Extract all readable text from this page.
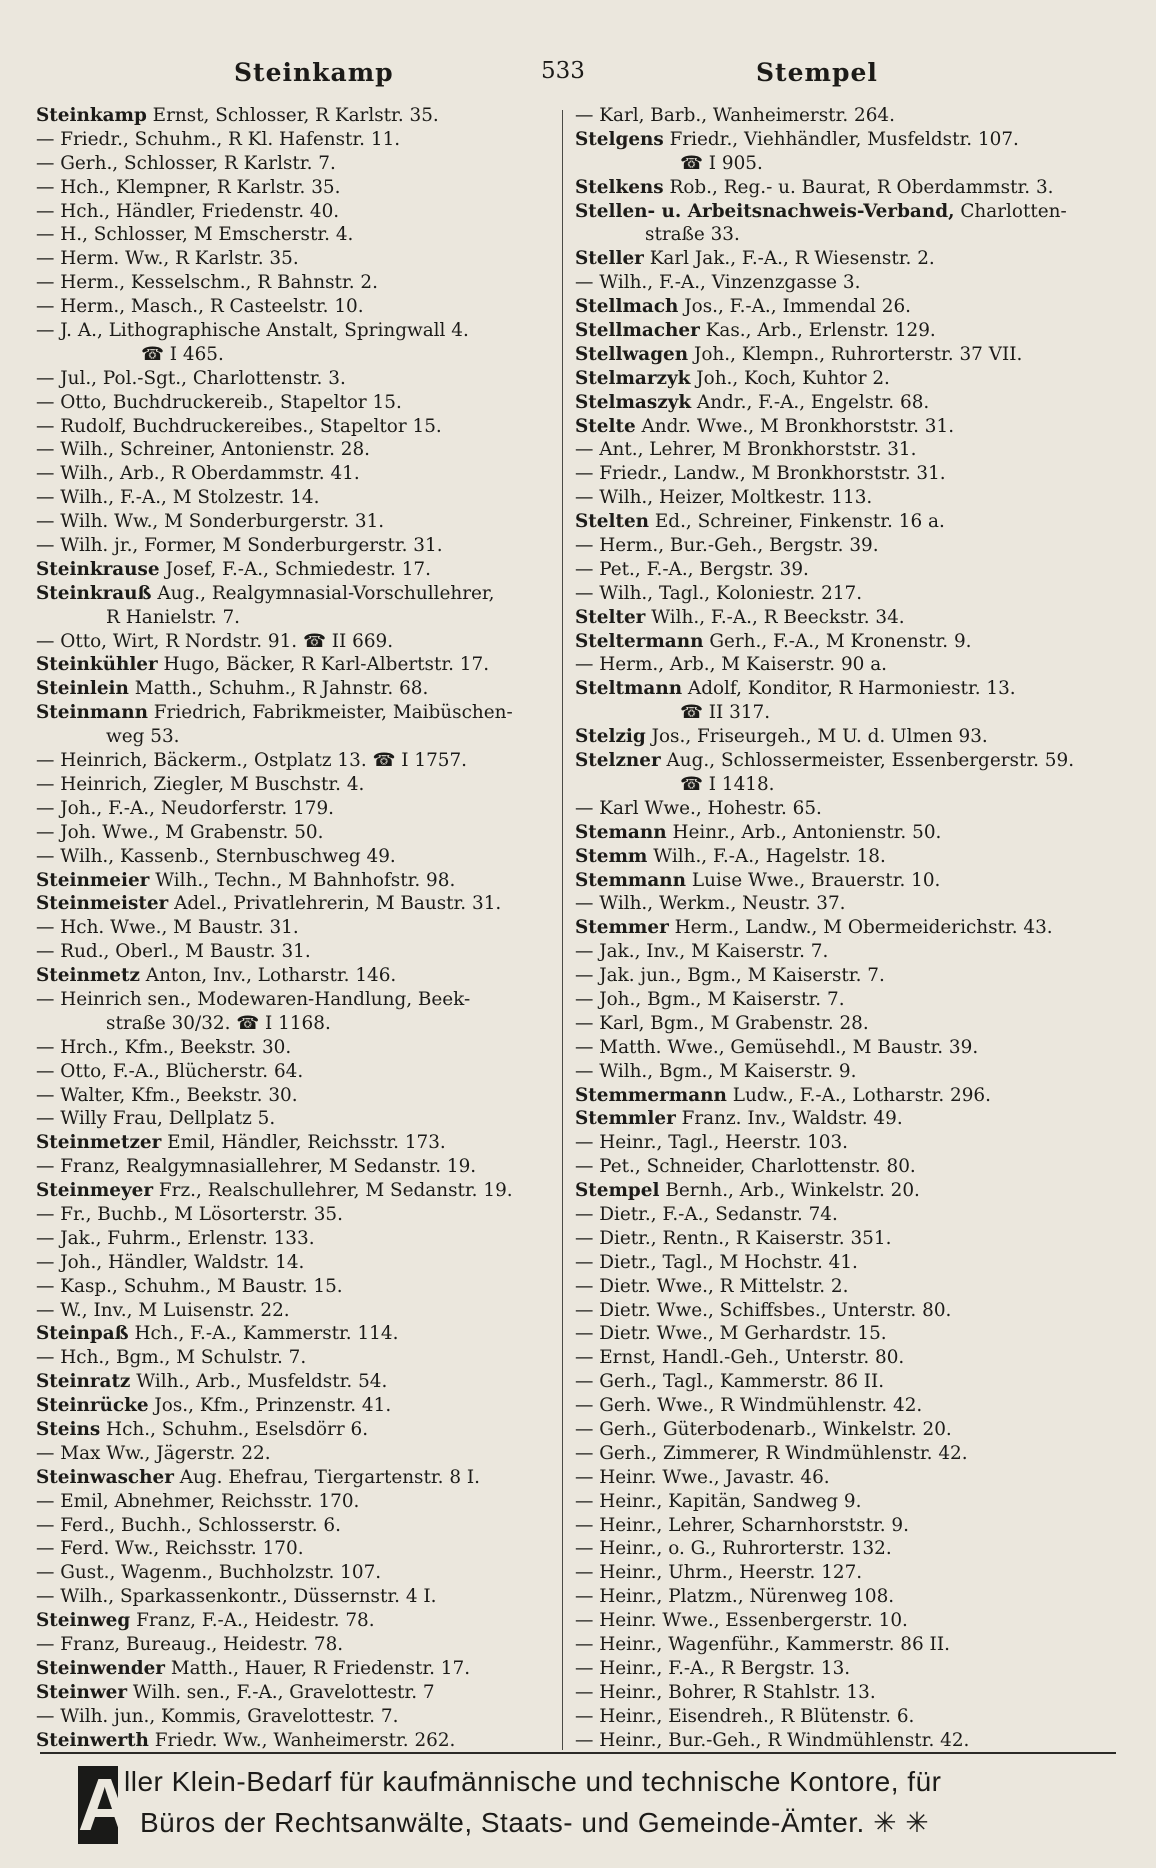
Steinkamp	533	Stempel
Steinkamp Ernst, Schlosser, R Karlstr. 35.
— Friedr., Schuhm., R Kl. Hafenstr. 11.
— Gerh., Schlosser, R Karlstr. 7.
— Hch., Klempner, R Karlstr. 35.
— Hch., Händler, Friedenstr. 40.
— H., Schlosser, M Emscherstr. 4.
— Herm. Ww., R Karlstr. 35.
— Herm., Kesselschm., R Bahnstr. 2.
— Herm., Masch., R Casteelstr. 10.
— J. A., Lithographische Anstalt, Springwall 4.
☎ I 465.
— Jul., Pol.-Sgt., Charlottenstr. 3.
— Otto, Buchdruckereib., Stapeltor 15.
— Rudolf, Buchdruckereibes., Stapeltor 15.
— Wilh., Schreiner, Antonienstr. 28.
— Wilh., Arb., R Oberdammstr. 41.
— Wilh., F.-A., M Stolzestr. 14.
— Wilh. Ww., M Sonderburgerstr. 31.
— Wilh. jr., Former, M Sonderburgerstr. 31.
Steinkrause Josef, F.-A., Schmiedestr. 17.
Steinkrauß Aug., Realgymnasial-Vorschullehrer,
R Hanielstr. 7.
— Otto, Wirt, R Nordstr. 91. ☎ II 669.
Steinkühler Hugo, Bäcker, R Karl-Albertstr. 17.
Steinlein Matth., Schuhm., R Jahnstr. 68.
Steinmann Friedrich, Fabrikmeister, Maibüschen-
weg 53.
— Heinrich, Bäckerm., Ostplatz 13. ☎ I 1757.
— Heinrich, Ziegler, M Buschstr. 4.
— Joh., F.-A., Neudorferstr. 179.
— Joh. Wwe., M Grabenstr. 50.
— Wilh., Kassenb., Sternbuschweg 49.
Steinmeier Wilh., Techn., M Bahnhofstr. 98.
Steinmeister Adel., Privatlehrerin, M Baustr. 31.
— Hch. Wwe., M Baustr. 31.
— Rud., Oberl., M Baustr. 31.
Steinmetz Anton, Inv., Lotharstr. 146.
— Heinrich sen., Modewaren-Handlung, Beek-
straße 30/32. ☎ I 1168.
— Hrch., Kfm., Beekstr. 30.
— Otto, F.-A., Blücherstr. 64.
— Walter, Kfm., Beekstr. 30.
— Willy Frau, Dellplatz 5.
Steinmetzer Emil, Händler, Reichsstr. 173.
— Franz, Realgymnasiallehrer, M Sedanstr. 19.
Steinmeyer Frz., Realschullehrer, M Sedanstr. 19.
— Fr., Buchb., M Lösorterstr. 35.
— Jak., Fuhrm., Erlenstr. 133.
— Joh., Händler, Waldstr. 14.
— Kasp., Schuhm., M Baustr. 15.
— W., Inv., M Luisenstr. 22.
Steinpaß Hch., F.-A., Kammerstr. 114.
— Hch., Bgm., M Schulstr. 7.
Steinratz Wilh., Arb., Musfeldstr. 54.
Steinrücke Jos., Kfm., Prinzenstr. 41.
Steins Hch., Schuhm., Eselsdörr 6.
— Max Ww., Jägerstr. 22.
Steinwascher Aug. Ehefrau, Tiergartenstr. 8 I.
— Emil, Abnehmer, Reichsstr. 170.
— Ferd., Buchh., Schlosserstr. 6.
— Ferd. Ww., Reichsstr. 170.
— Gust., Wagenm., Buchholzstr. 107.
— Wilh., Sparkassenkontr., Düssernstr. 4 I.
Steinweg Franz, F.-A., Heidestr. 78.
— Franz, Bureaug., Heidestr. 78.
Steinwender Matth., Hauer, R Friedenstr. 17.
Steinwer Wilh. sen., F.-A., Gravelottestr. 7
— Wilh. jun., Kommis, Gravelottestr. 7.
Steinwerth Friedr. Ww., Wanheimerstr. 262.
— Karl, Barb., Wanheimerstr. 264.
Stelgens Friedr., Viehhändler, Musfeldstr. 107.
☎ I 905.
Stelkens Rob., Reg.- u. Baurat, R Oberdammstr. 3.
Stellen- u. Arbeitsnachweis-Verband, Charlotten-
straße 33.
Steller Karl Jak., F.-A., R Wiesenstr. 2.
— Wilh., F.-A., Vinzenzgasse 3.
Stellmach Jos., F.-A., Immendal 26.
Stellmacher Kas., Arb., Erlenstr. 129.
Stellwagen Joh., Klempn., Ruhrorterstr. 37 VII.
Stelmarzyk Joh., Koch, Kuhtor 2.
Stelmaszyk Andr., F.-A., Engelstr. 68.
Stelte Andr. Wwe., M Bronkhorststr. 31.
— Ant., Lehrer, M Bronkhorststr. 31.
— Friedr., Landw., M Bronkhorststr. 31.
— Wilh., Heizer, Moltkestr. 113.
Stelten Ed., Schreiner, Finkenstr. 16 a.
— Herm., Bur.-Geh., Bergstr. 39.
— Pet., F.-A., Bergstr. 39.
— Wilh., Tagl., Koloniestr. 217.
Stelter Wilh., F.-A., R Beeckstr. 34.
Steltermann Gerh., F.-A., M Kronenstr. 9.
— Herm., Arb., M Kaiserstr. 90 a.
Steltmann Adolf, Konditor, R Harmoniestr. 13.
☎ II 317.
Stelzig Jos., Friseurgeh., M U. d. Ulmen 93.
Stelzner Aug., Schlossermeister, Essenbergerstr. 59.
☎ I 1418.
— Karl Wwe., Hohestr. 65.
Stemann Heinr., Arb., Antonienstr. 50.
Stemm Wilh., F.-A., Hagelstr. 18.
Stemmann Luise Wwe., Brauerstr. 10.
— Wilh., Werkm., Neustr. 37.
Stemmer Herm., Landw., M Obermeiderichstr. 43.
— Jak., Inv., M Kaiserstr. 7.
— Jak. jun., Bgm., M Kaiserstr. 7.
— Joh., Bgm., M Kaiserstr. 7.
— Karl, Bgm., M Grabenstr. 28.
— Matth. Wwe., Gemüsehdl., M Baustr. 39.
— Wilh., Bgm., M Kaiserstr. 9.
Stemmermann Ludw., F.-A., Lotharstr. 296.
Stemmler Franz. Inv., Waldstr. 49.
— Heinr., Tagl., Heerstr. 103.
— Pet., Schneider, Charlottenstr. 80.
Stempel Bernh., Arb., Winkelstr. 20.
— Dietr., F.-A., Sedanstr. 74.
— Dietr., Rentn., R Kaiserstr. 351.
— Dietr., Tagl., M Hochstr. 41.
— Dietr. Wwe., R Mittelstr. 2.
— Dietr. Wwe., Schiffsbes., Unterstr. 80.
— Dietr. Wwe., M Gerhardstr. 15.
— Ernst, Handl.-Geh., Unterstr. 80.
— Gerh., Tagl., Kammerstr. 86 II.
— Gerh. Wwe., R Windmühlenstr. 42.
— Gerh., Güterbodenarb., Winkelstr. 20.
— Gerh., Zimmerer, R Windmühlenstr. 42.
— Heinr. Wwe., Javastr. 46.
— Heinr., Kapitän, Sandweg 9.
— Heinr., Lehrer, Scharnhorststr. 9.
— Heinr., o. G., Ruhrorterstr. 132.
— Heinr., Uhrm., Heerstr. 127.
— Heinr., Platzm., Nürenweg 108.
— Heinr. Wwe., Essenbergerstr. 10.
— Heinr., Wagenführ., Kammerstr. 86 II.
— Heinr., F.-A., R Bergstr. 13.
— Heinr., Bohrer, R Stahlstr. 13.
— Heinr., Eisendreh., R Blütenstr. 6.
— Heinr., Bur.-Geh., R Windmühlenstr. 42.
A
ller Klein-Bedarf für kaufmännische und technische Kontore, für
Büros der Rechtsanwälte, Staats- und Gemeinde-Ämter. ✳ ✳
